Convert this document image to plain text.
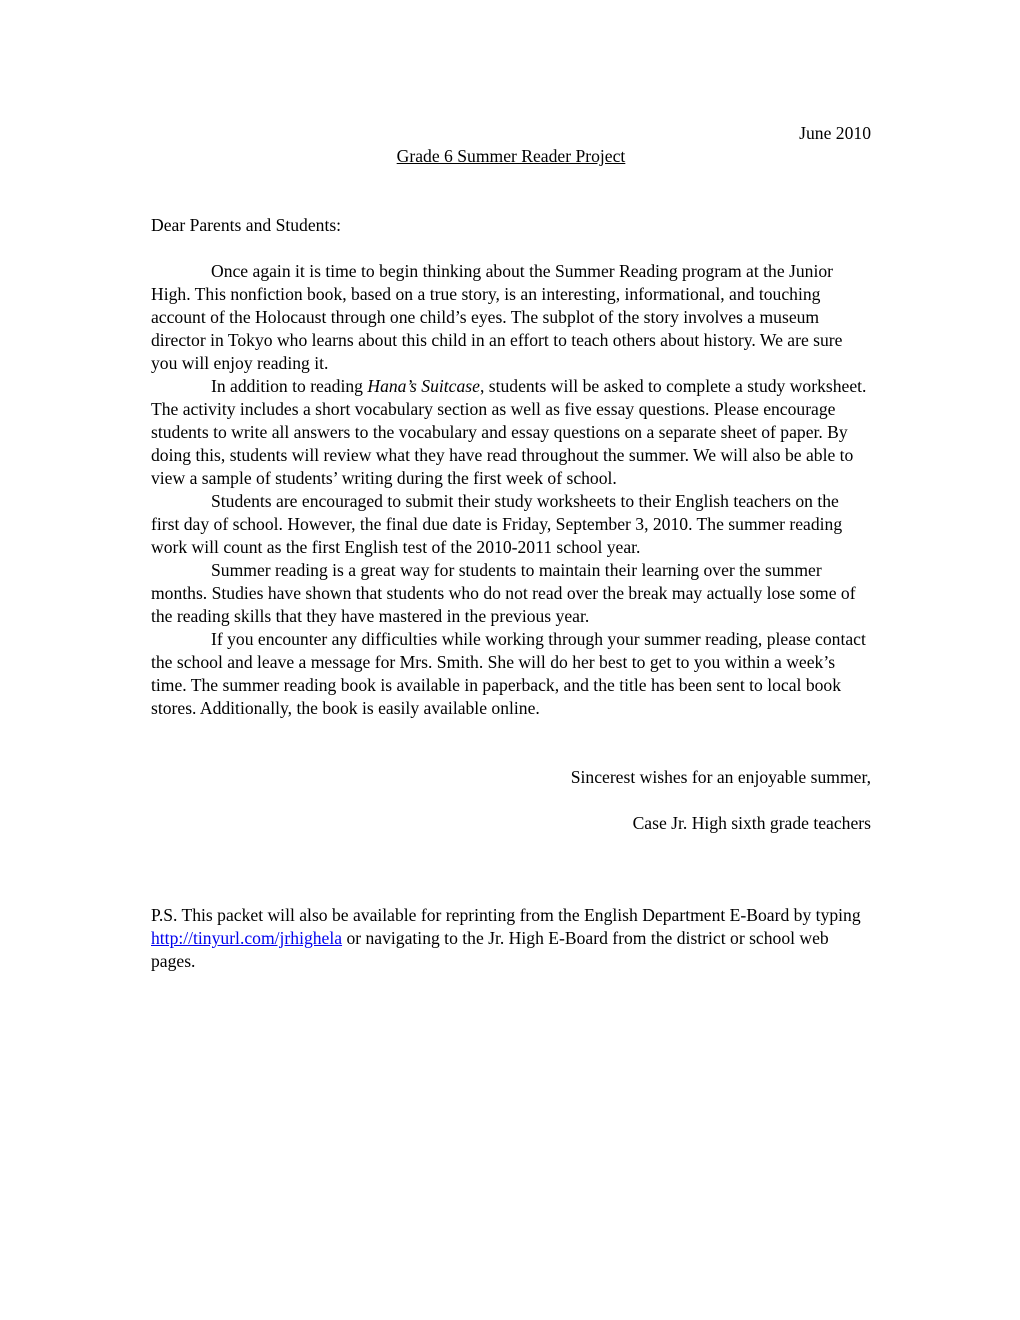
June 2010
Grade 6 Summer Reader Project
Dear Parents and Students:

Once again it is time to begin thinking about the Summer Reading program at the Junior High. This nonfiction book, based on a true story, is an interesting, informational, and touching account of the Holocaust through one child’s eyes. The subplot of the story involves a museum director in Tokyo who learns about this child in an effort to teach others about history. We are sure you will enjoy reading it.

In addition to reading Hana’s Suitcase, students will be asked to complete a study worksheet. The activity includes a short vocabulary section as well as five essay questions. Please encourage students to write all answers to the vocabulary and essay questions on a separate sheet of paper. By doing this, students will review what they have read throughout the summer. We will also be able to view a sample of students’ writing during the first week of school.

Students are encouraged to submit their study worksheets to their English teachers on the first day of school. However, the final due date is Friday, September 3, 2010. The summer reading work will count as the first English test of the 2010-2011 school year.

Summer reading is a great way for students to maintain their learning over the summer months. Studies have shown that students who do not read over the break may actually lose some of the reading skills that they have mastered in the previous year.

If you encounter any difficulties while working through your summer reading, please contact the school and leave a message for Mrs. Smith. She will do her best to get to you within a week’s time. The summer reading book is available in paperback, and the title has been sent to local book stores. Additionally, the book is easily available online.

Sincerest wishes for an enjoyable summer,
Case Jr. High sixth grade teachers
P.S. This packet will also be available for reprinting from the English Department E-Board by typing http://tinyurl.com/jrhighela or navigating to the Jr. High E-Board from the district or school web pages.
